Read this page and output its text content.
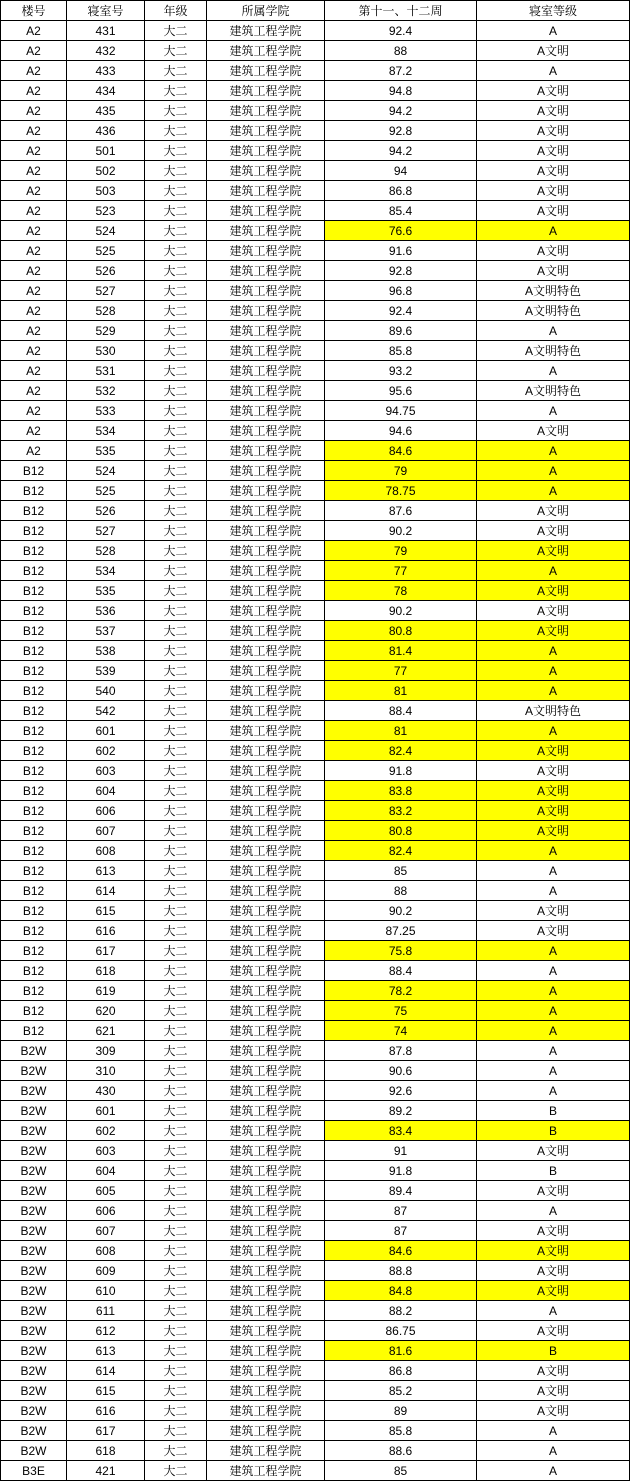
楼号	寝室号	年级	所属学院	第十一、十二周	寝室等级
A2	431	大二	建筑工程学院	92.4	A
A2	432	大二	建筑工程学院	88	A文明
A2	433	大二	建筑工程学院	87.2	A
A2	434	大二	建筑工程学院	94.8	A文明
A2	435	大二	建筑工程学院	94.2	A文明
A2	436	大二	建筑工程学院	92.8	A文明
A2	501	大二	建筑工程学院	94.2	A文明
A2	502	大二	建筑工程学院	94	A文明
A2	503	大二	建筑工程学院	86.8	A文明
A2	523	大二	建筑工程学院	85.4	A文明
A2	524	大二	建筑工程学院	76.6	A
A2	525	大二	建筑工程学院	91.6	A文明
A2	526	大二	建筑工程学院	92.8	A文明
A2	527	大二	建筑工程学院	96.8	A文明特色
A2	528	大二	建筑工程学院	92.4	A文明特色
A2	529	大二	建筑工程学院	89.6	A
A2	530	大二	建筑工程学院	85.8	A文明特色
A2	531	大二	建筑工程学院	93.2	A
A2	532	大二	建筑工程学院	95.6	A文明特色
A2	533	大二	建筑工程学院	94.75	A
A2	534	大二	建筑工程学院	94.6	A文明
A2	535	大二	建筑工程学院	84.6	A
B12	524	大二	建筑工程学院	79	A
B12	525	大二	建筑工程学院	78.75	A
B12	526	大二	建筑工程学院	87.6	A文明
B12	527	大二	建筑工程学院	90.2	A文明
B12	528	大二	建筑工程学院	79	A文明
B12	534	大二	建筑工程学院	77	A
B12	535	大二	建筑工程学院	78	A文明
B12	536	大二	建筑工程学院	90.2	A文明
B12	537	大二	建筑工程学院	80.8	A文明
B12	538	大二	建筑工程学院	81.4	A
B12	539	大二	建筑工程学院	77	A
B12	540	大二	建筑工程学院	81	A
B12	542	大二	建筑工程学院	88.4	A文明特色
B12	601	大二	建筑工程学院	81	A
B12	602	大二	建筑工程学院	82.4	A文明
B12	603	大二	建筑工程学院	91.8	A文明
B12	604	大二	建筑工程学院	83.8	A文明
B12	606	大二	建筑工程学院	83.2	A文明
B12	607	大二	建筑工程学院	80.8	A文明
B12	608	大二	建筑工程学院	82.4	A
B12	613	大二	建筑工程学院	85	A
B12	614	大二	建筑工程学院	88	A
B12	615	大二	建筑工程学院	90.2	A文明
B12	616	大二	建筑工程学院	87.25	A文明
B12	617	大二	建筑工程学院	75.8	A
B12	618	大二	建筑工程学院	88.4	A
B12	619	大二	建筑工程学院	78.2	A
B12	620	大二	建筑工程学院	75	A
B12	621	大二	建筑工程学院	74	A
B2W	309	大二	建筑工程学院	87.8	A
B2W	310	大二	建筑工程学院	90.6	A
B2W	430	大二	建筑工程学院	92.6	A
B2W	601	大二	建筑工程学院	89.2	B
B2W	602	大二	建筑工程学院	83.4	B
B2W	603	大二	建筑工程学院	91	A文明
B2W	604	大二	建筑工程学院	91.8	B
B2W	605	大二	建筑工程学院	89.4	A文明
B2W	606	大二	建筑工程学院	87	A
B2W	607	大二	建筑工程学院	87	A文明
B2W	608	大二	建筑工程学院	84.6	A文明
B2W	609	大二	建筑工程学院	88.8	A文明
B2W	610	大二	建筑工程学院	84.8	A文明
B2W	611	大二	建筑工程学院	88.2	A
B2W	612	大二	建筑工程学院	86.75	A文明
B2W	613	大二	建筑工程学院	81.6	B
B2W	614	大二	建筑工程学院	86.8	A文明
B2W	615	大二	建筑工程学院	85.2	A文明
B2W	616	大二	建筑工程学院	89	A文明
B2W	617	大二	建筑工程学院	85.8	A
B2W	618	大二	建筑工程学院	88.6	A
B3E	421	大二	建筑工程学院	85	A
